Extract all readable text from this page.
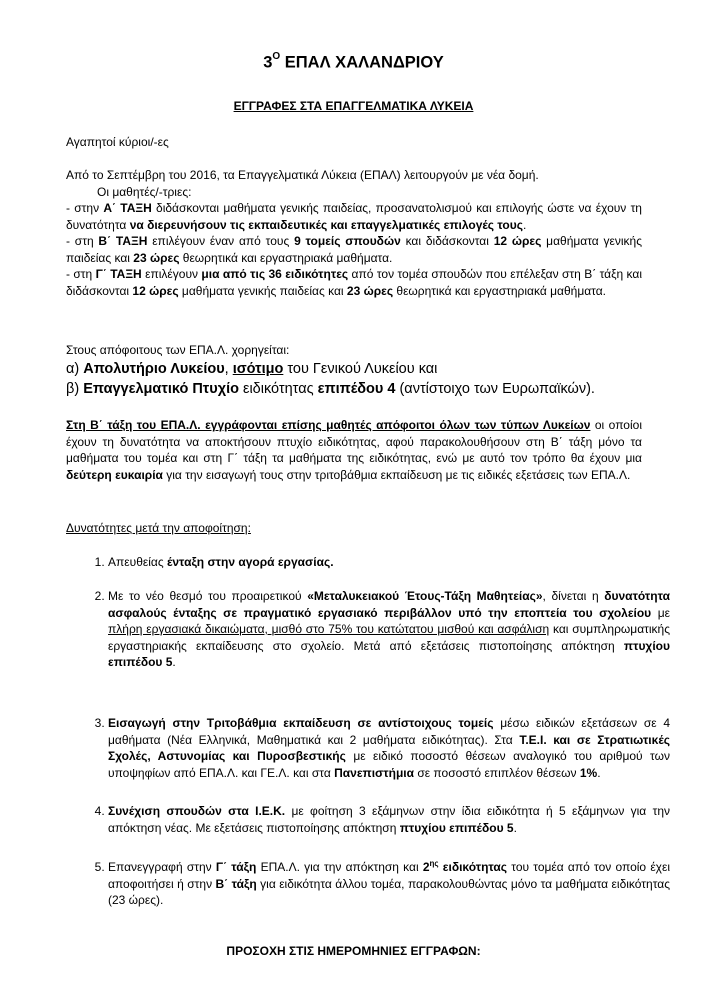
$3^O$ ΕΠΑΛ ΧΑΛΑΝΔΡΙΟΥ
ΕΓΓΡΑΦΕΣ ΣΤΑ ΕΠΑΓΓΕΛΜΑΤΙΚΑ ΛΥΚΕΙΑ
Αγαπητοί κύριοι/-ες

Από το Σεπτέμβρη του 2016, τα Επαγγελματικά Λύκεια (ΕΠΑΛ) λειτουργούν με νέα δομή.

Οι μαθητές/-τριες:

- στην Α΄ ΤΑΞΗ διδάσκονται μαθήματα γενικής παιδείας, προσανατολισμού και επιλογής ώστε να έχουν τη δυνατότητα να διερευνήσουν τις εκπαιδευτικές και επαγγελματικές επιλογές τους.

- στη Β΄ ΤΑΞΗ επιλέγουν έναν από τους 9 τομείς σπουδών και διδάσκονται 12 ώρες μαθήματα γενικής παιδείας και 23 ώρες θεωρητικά και εργαστηριακά μαθήματα.

- στη Γ΄ ΤΑΞΗ επιλέγουν μια από τις 36 ειδικότητες από τον τομέα σπουδών που επέλεξαν στη Β΄ τάξη και διδάσκονται 12 ώρες μαθήματα γενικής παιδείας και 23 ώρες θεωρητικά και εργαστηριακά μαθήματα.

Στους απόφοιτους των ΕΠΑ.Λ. χορηγείται:

α) Απολυτήριο Λυκείου, ισότιμο του Γενικού Λυκείου και

β) Επαγγελματικό Πτυχίο ειδικότητας επιπέδου 4 (αντίστοιχο των Ευρωπαϊκών).

Στη Β΄ τάξη του ΕΠΑ.Λ. εγγράφονται επίσης μαθητές απόφοιτοι όλων των τύπων Λυκείων οι οποίοι έχουν τη δυνατότητα να αποκτήσουν πτυχίο ειδικότητας, αφού παρακολουθήσουν στη Β΄ τάξη μόνο τα μαθήματα του τομέα και στη Γ΄ τάξη τα μαθήματα της ειδικότητας, ενώ με αυτό τον τρόπο θα έχουν μια δεύτερη ευκαιρία για την εισαγωγή τους στην τριτοβάθμια εκπαίδευση με τις ειδικές εξετάσεις των ΕΠΑ.Λ.

Δυνατότητες μετά την αποφοίτηση:
1. Απευθείας ένταξη στην αγορά εργασίας.
2. Με το νέο θεσμό του προαιρετικού «Μεταλυκειακού Έτους-Τάξη Μαθητείας», δίνεται η δυνατότητα ασφαλούς ένταξης σε πραγματικό εργασιακό περιβάλλον υπό την εποπτεία του σχολείου με πλήρη εργασιακά δικαιώματα, μισθό στο 75% του κατώτατου μισθού και ασφάλιση και συμπληρωματικής εργαστηριακής εκπαίδευσης στο σχολείο. Μετά από εξετάσεις πιστοποίησης απόκτηση πτυχίου επιπέδου 5.
3. Εισαγωγή στην Τριτοβάθμια εκπαίδευση σε αντίστοιχους τομείς μέσω ειδικών εξετάσεων σε 4 μαθήματα (Νέα Ελληνικά, Μαθηματικά και 2 μαθήματα ειδικότητας). Στα Τ.Ε.Ι. και σε Στρατιωτικές Σχολές, Αστυνομίας και Πυροσβεστικής με ειδικό ποσοστό θέσεων αναλογικό του αριθμού των υποψηφίων από ΕΠΑ.Λ. και ΓΕ.Λ. και στα Πανεπιστήμια σε ποσοστό επιπλέον θέσεων 1%.
4. Συνέχιση σπουδών στα Ι.Ε.Κ. με φοίτηση 3 εξάμηνων στην ίδια ειδικότητα ή 5 εξάμηνων για την απόκτηση νέας. Με εξετάσεις πιστοποίησης απόκτηση πτυχίου επιπέδου 5.
5. Επανεγγραφή στην Γ΄ τάξη ΕΠΑ.Λ. για την απόκτηση και $2^{\eta\varsigma}$ ειδικότητας του τομέα από τον οποίο έχει αποφοιτήσει ή στην Β΄ τάξη για ειδικότητα άλλου τομέα, παρακολουθώντας μόνο τα μαθήματα ειδικότητας (23 ώρες).
ΠΡΟΣΟΧΗ ΣΤΙΣ ΗΜΕΡΟΜΗΝΙΕΣ ΕΓΓΡΑΦΩΝ:
